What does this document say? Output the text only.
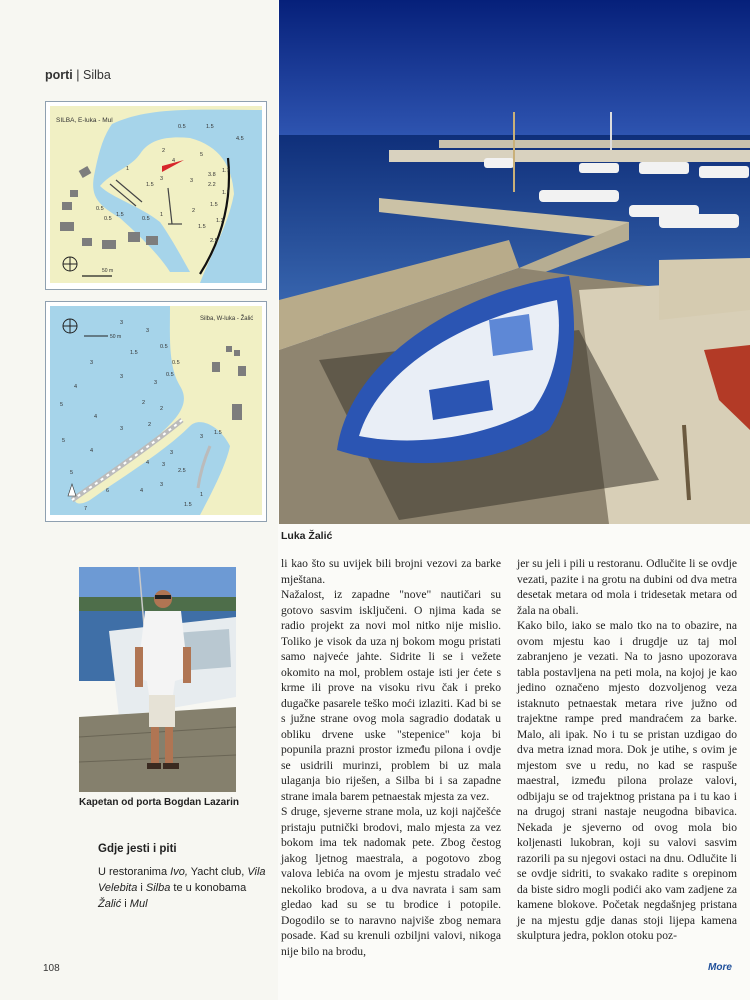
porti | Silba
SILBA, E-luka - Mul
0.5	1.5
4.5
2
4
5
3.8
1.7
3	3
2.2
1.7
1
1.5
1.5
0.5
1.5
0.5
2
1.3
1.5
1
2.5
0.5
50 m
Silba, W-luka - Žalić
50 m
3
3
0.5
1.5
0.5
0.5
3
3
3
4
5	2
2
4
3
2
3
1.5
5
4	3
4 3
2.5
5
6	4
3
1
1.5
7
Luka Žalić
Kapetan od porta Bogdan Lazarin
Gdje jesti i piti
U restoranima Ivo, Yacht club, Vila Velebita i Silba te u konobama Žalić i Mul

li kao što su uvijek bili brojni vezovi za barke mještana.

Nažalost, iz zapadne "nove" nautičari su gotovo sasvim isključeni. O njima kada se radio projekt za novi mol nitko nije mislio. Toliko je visok da uza nj bokom mogu pristati samo najveće jahte. Sidrite li se i vežete okomito na mol, problem ostaje isti jer ćete s krme ili prove na visoku rivu čak i preko dugačke pasarele teško moći izlaziti. Kad bi se s južne strane ovog mola sagradio dodatak u obliku drvene uske "stepenice" koja bi popunila prazni prostor između pilona i ovdje se usidrili murinzi, problem bi uz mala ulaganja bio riješen, a Silba bi i sa zapadne strane imala barem petnaestak mjesta za vez.

S druge, sjeverne strane mola, uz koji najčešće pristaju putnički brodovi, malo mjesta za vez bokom ima tek nadomak pete. Zbog čestog jakog ljetnog maestrala, a pogotovo zbog valova lebića na ovom je mjestu stradalo već nekoliko brodova, a u dva navrata i sam sam gledao kad su se tu brodice i potopile. Dogodilo se to naravno najviše zbog nemara posade. Kad su krenuli ozbiljni valovi, nikoga nije bilo na brodu,

jer su jeli i pili u restoranu. Odlučite li se ovdje vezati, pazite i na grotu na dubini od dva metra desetak metara od mola i tridesetak metara od žala na obali.

Kako bilo, iako se malo tko na to obazire, na ovom mjestu kao i drugdje uz taj mol zabranjeno je vezati. Na to jasno upozorava tabla postavljena na peti mola, na kojoj je kao jedino označeno mjesto dozvoljenog veza istaknuto petnaestak metara rive južno od trajektne rampe pred mandraćem za barke. Malo, ali ipak. No i tu se pristan uzdigao do dva metra iznad mora. Dok je utihe, s ovim je mjestom sve u redu, no kad se raspuše maestral, između pilona prolaze valovi, odbijaju se od trajektnog pristana pa i tu kao i na drugoj strani nastaje neugodna bibavica. Nekada je sjeverno od ovog mola bio koljenasti lukobran, koji su valovi sasvim razorili pa su njegovi ostaci na dnu. Odlučite li se ovdje sidriti, to svakako radite s orepinom da biste sidro mogli podići ako vam zadjene za kamene blokove. Početak negdašnjeg pristana je na mjestu gdje danas stoji lijepa kamena skulptura jedra, poklon otoku poz-

108	More
